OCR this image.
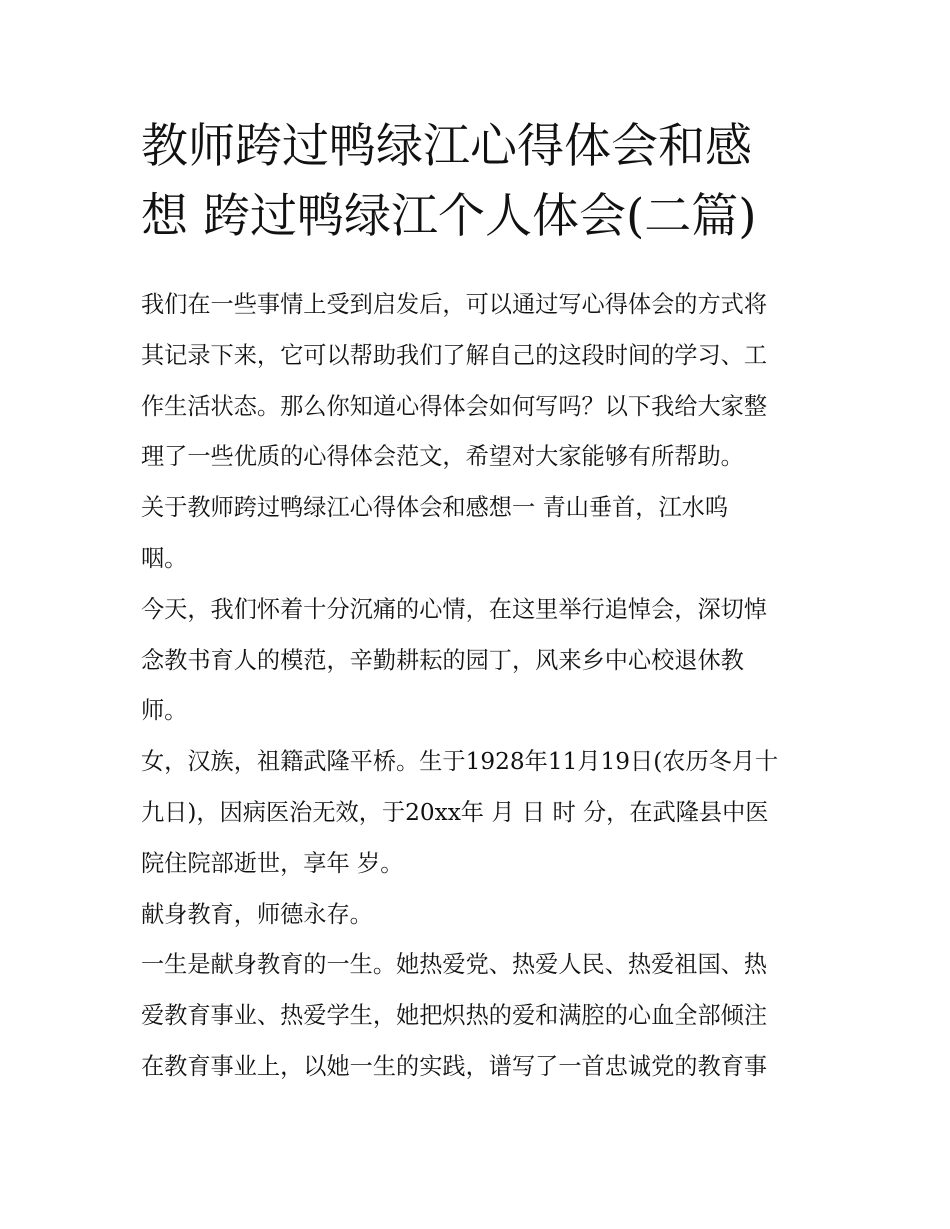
教师跨过鸭绿江心得体会和感
想 跨过鸭绿江个人体会(二篇)

我们在一些事情上受到启发后，可以通过写心得体会的方式将
其记录下来，它可以帮助我们了解自己的这段时间的学习、工
作生活状态。那么你知道心得体会如何写吗？以下我给大家整
理了一些优质的心得体会范文，希望对大家能够有所帮助。

关于教师跨过鸭绿江心得体会和感想一 青山垂首，江水呜
咽。

今天，我们怀着十分沉痛的心情，在这里举行追悼会，深切悼
念教书育人的模范，辛勤耕耘的园丁，风来乡中心校退休教
师。

女，汉族，祖籍武隆平桥。生于1928年11月19日(农历冬月十
九日)，因病医治无效，于20xx年 月 日 时 分，在武隆县中医
院住院部逝世，享年 岁。

献身教育，师德永存。

一生是献身教育的一生。她热爱党、热爱人民、热爱祖国、热
爱教育事业、热爱学生，她把炽热的爱和满腔的心血全部倾注
在教育事业上，以她一生的实践，谱写了一首忠诚党的教育事
